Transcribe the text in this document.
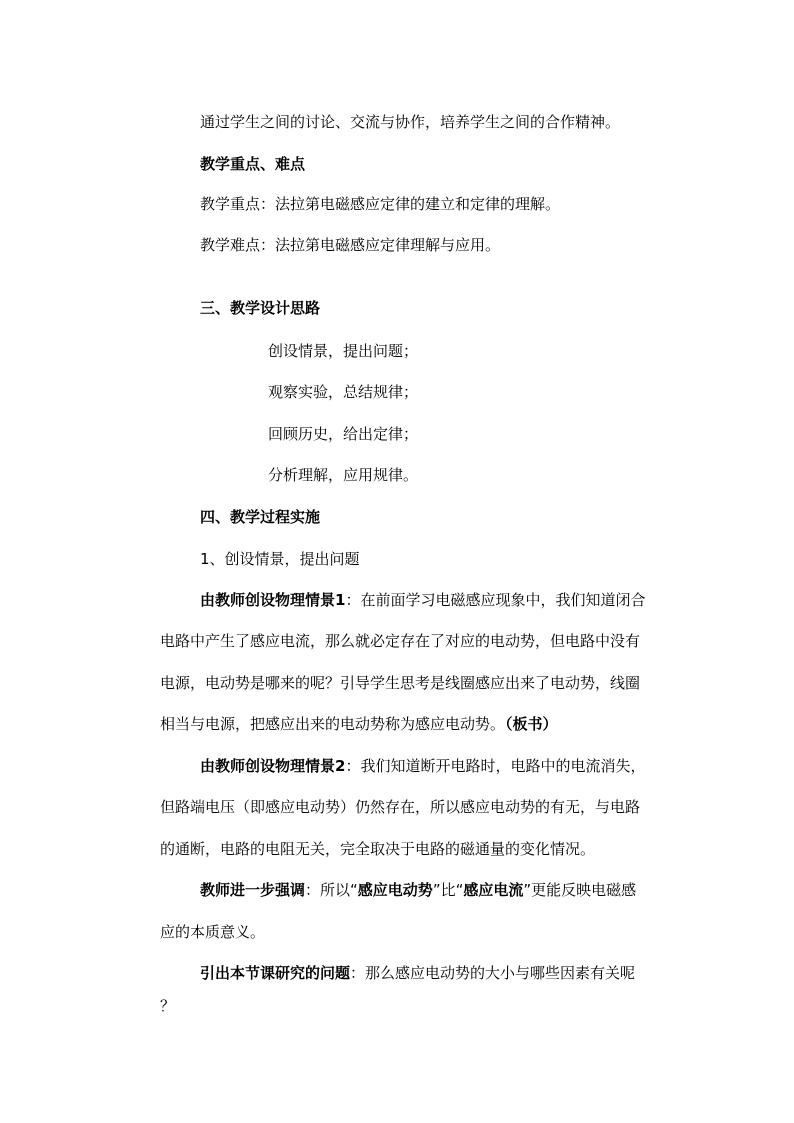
通过学生之间的讨论、交流与协作，培养学生之间的合作精神。
教学重点、难点
教学重点：法拉第电磁感应定律的建立和定律的理解。
教学难点：法拉第电磁感应定律理解与应用。
三、教学设计思路
创设情景，提出问题；
观察实验，总结规律；
回顾历史，给出定律；
分析理解，应用规律。
四、教学过程实施
1、创设情景，提出问题
由教师创设物理情景1：在前面学习电磁感应现象中，我们知道闭合
电路中产生了感应电流，那么就必定存在了对应的电动势，但电路中没有
电源，电动势是哪来的呢？引导学生思考是线圈感应出来了电动势，线圈
相当与电源，把感应出来的电动势称为感应电动势。（板书）
由教师创设物理情景2：我们知道断开电路时，电路中的电流消失，
但路端电压（即感应电动势）仍然存在，所以感应电动势的有无，与电路
的通断，电路的电阻无关，完全取决于电路的磁通量的变化情况。
教师进一步强调：所以“感应电动势”比“感应电流”更能反映电磁感
应的本质意义。
引出本节课研究的问题：那么感应电动势的大小与哪些因素有关呢
？
